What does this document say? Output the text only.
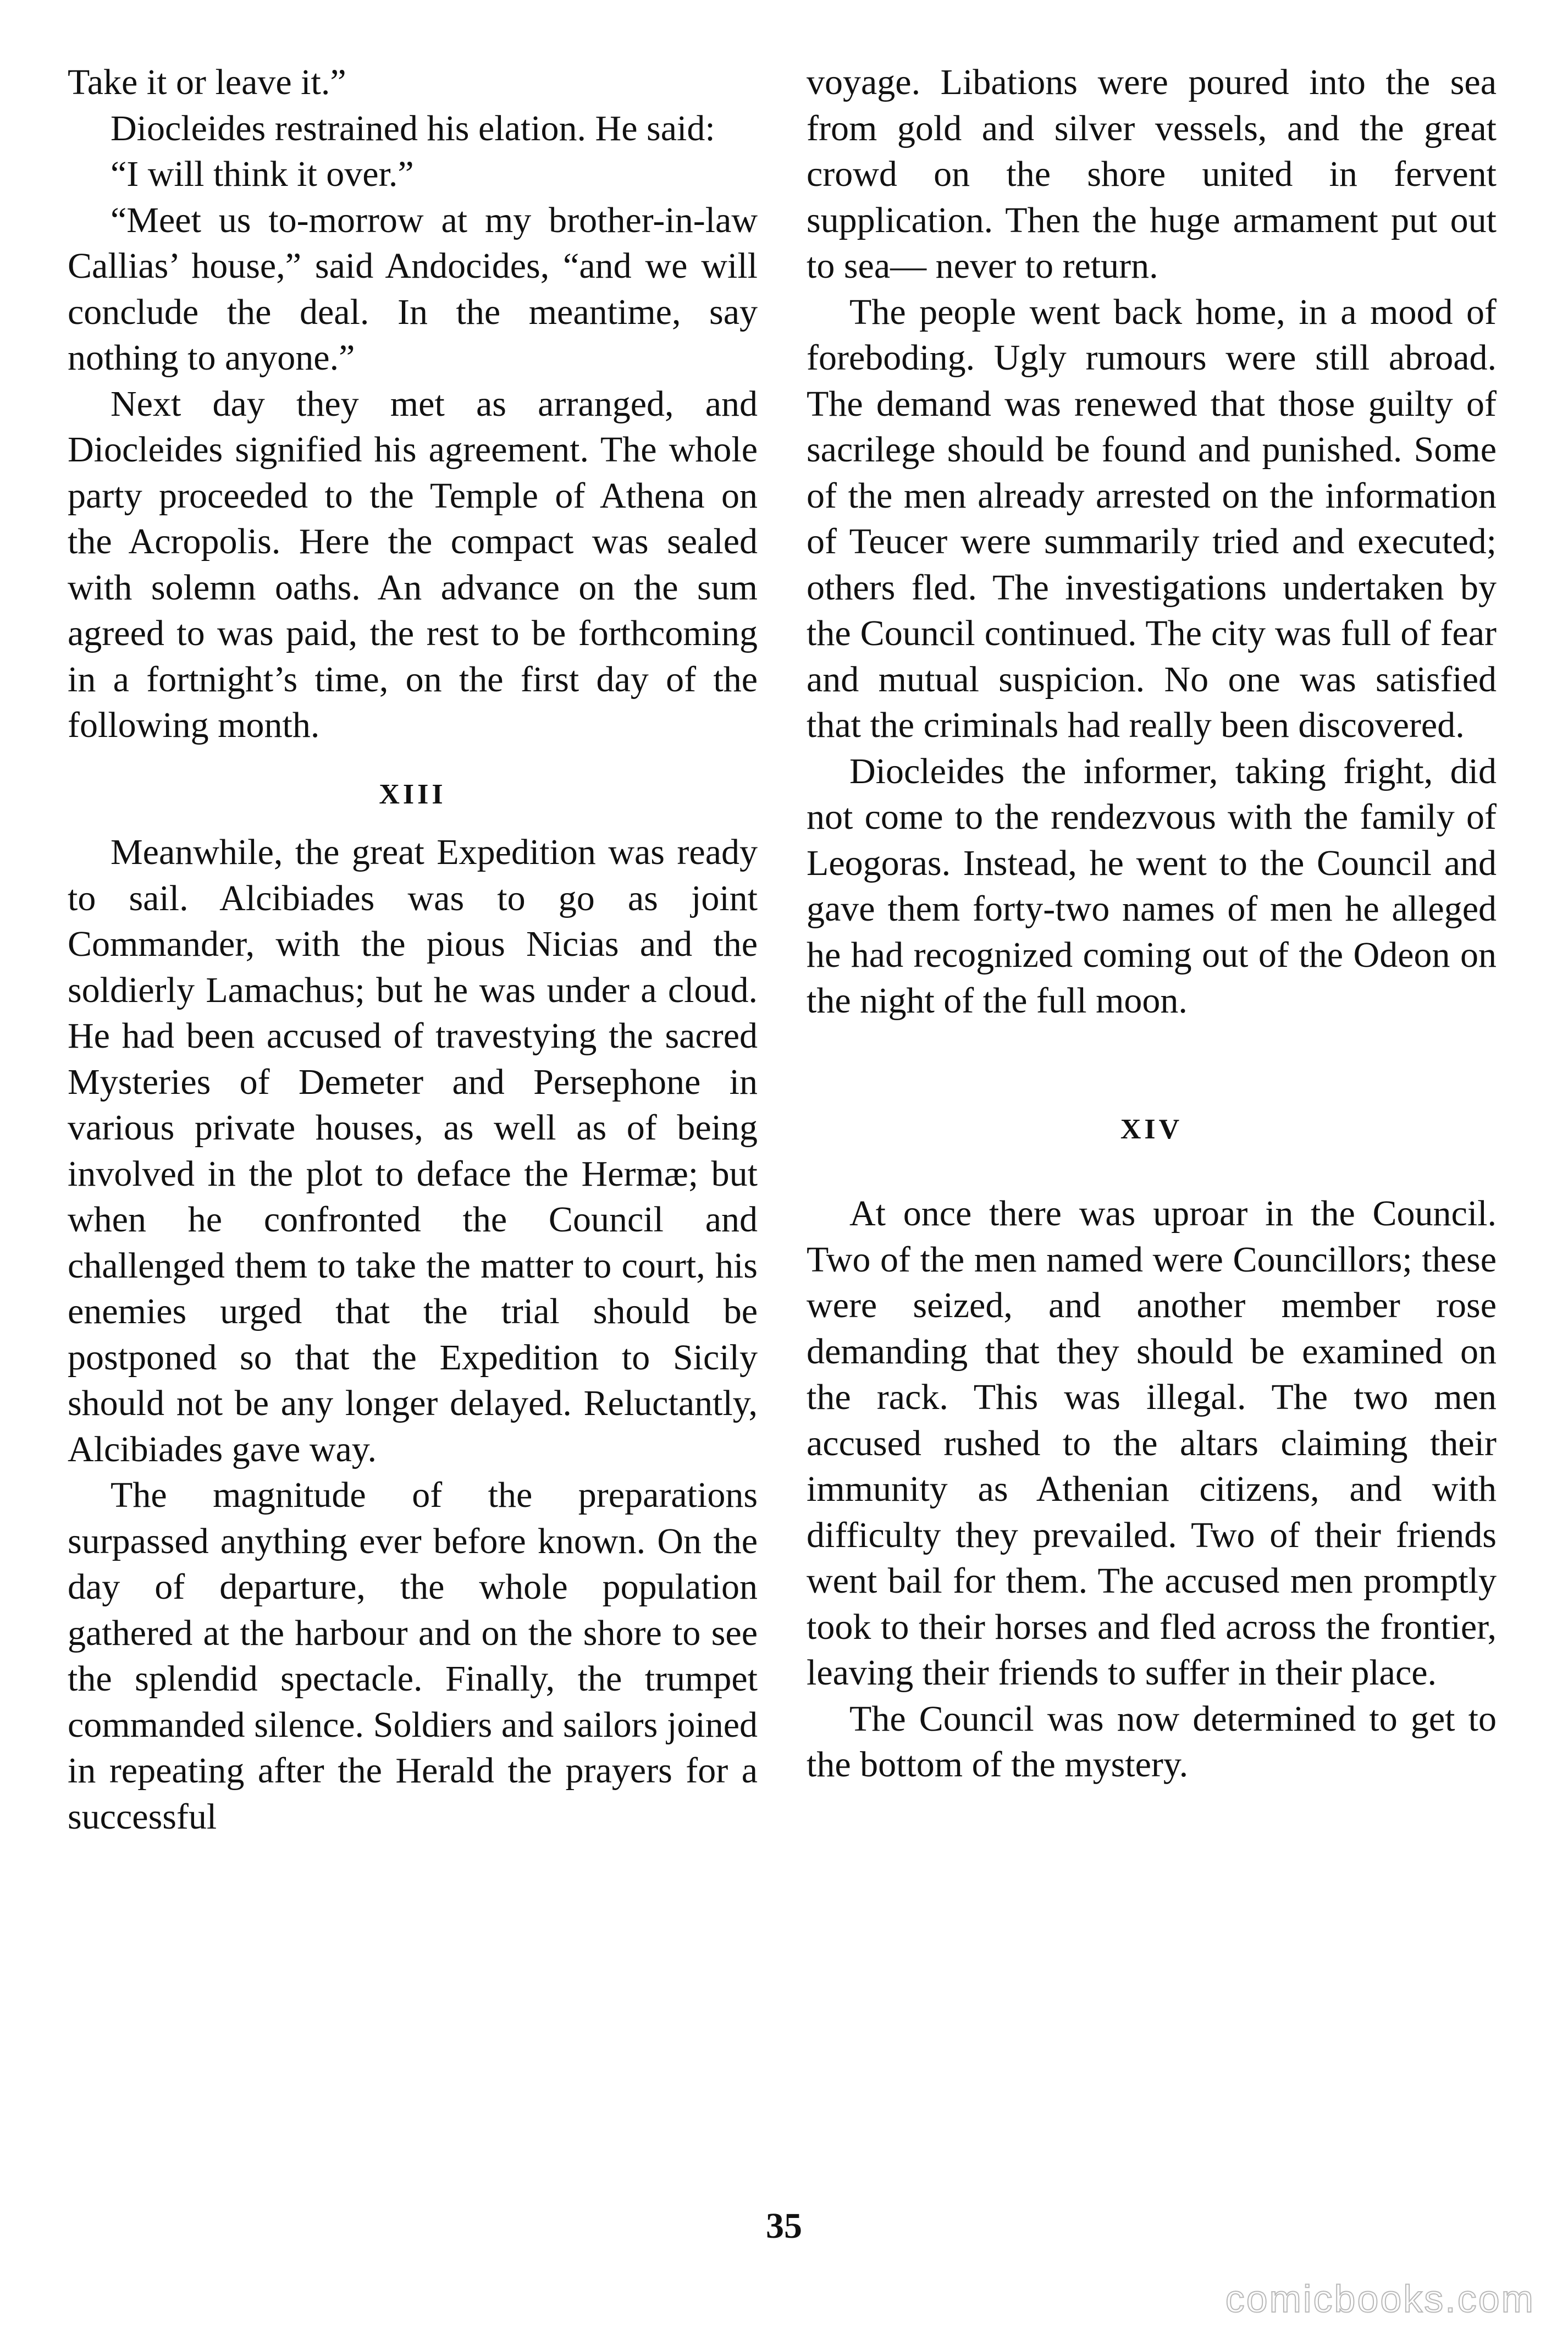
Take it or leave it.”

Diocleides restrained his elation. He said:

“I will think it over.”

“Meet us to-morrow at my brother-in-law Callias’ house,” said Andocides, “and we will conclude the deal. In the meantime, say nothing to anyone.”

Next day they met as arranged, and Diocleides signified his agreement. The whole party proceeded to the Temple of Athena on the Acropolis. Here the compact was sealed with solemn oaths. An advance on the sum agreed to was paid, the rest to be forthcoming in a fortnight’s time, on the first day of the following month.

XIII

Meanwhile, the great Expedition was ready to sail. Alcibiades was to go as joint Commander, with the pious Nicias and the soldierly Lamachus; but he was under a cloud. He had been accused of travestying the sacred Mysteries of Demeter and Persephone in various private houses, as well as of being involved in the plot to deface the Hermæ; but when he confronted the Council and challenged them to take the matter to court, his enemies urged that the trial should be postponed so that the Expedition to Sicily should not be any longer delayed. Reluctantly, Alcibiades gave way.

The magnitude of the preparations surpassed anything ever before known. On the day of departure, the whole population gathered at the harbour and on the shore to see the splendid spectacle. Finally, the trumpet commanded silence. Soldiers and sailors joined in repeating after the Herald the prayers for a successful

voyage. Libations were poured into the sea from gold and silver vessels, and the great crowd on the shore united in fervent supplication. Then the huge armament put out to sea— never to return.

The people went back home, in a mood of foreboding. Ugly rumours were still abroad. The demand was renewed that those guilty of sacrilege should be found and punished. Some of the men already arrested on the information of Teucer were summarily tried and executed; others fled. The investigations undertaken by the Council continued. The city was full of fear and mutual suspicion. No one was satisfied that the criminals had really been discovered.

Diocleides the informer, taking fright, did not come to the rendezvous with the family of Leogoras. Instead, he went to the Council and gave them forty-two names of men he alleged he had recognized coming out of the Odeon on the night of the full moon.

XIV

At once there was uproar in the Council. Two of the men named were Councillors; these were seized, and another member rose demanding that they should be examined on the rack. This was illegal. The two men accused rushed to the altars claiming their immunity as Athenian citizens, and with difficulty they prevailed. Two of their friends went bail for them. The accused men promptly took to their horses and fled across the frontier, leaving their friends to suffer in their place.

The Council was now determined to get to the bottom of the mystery.

35
comicbooks.com
